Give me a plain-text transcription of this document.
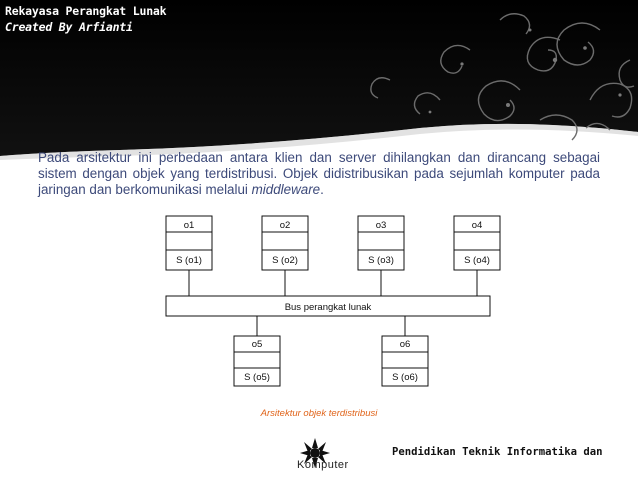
Rekayasa Perangkat Lunak
Created By Arfianti

Pada arsitektur ini perbedaan antara klien dan server dihilangkan dan dirancang sebagai sistem dengan objek yang terdistribusi. Objek didistribusikan pada sejumlah komputer pada jaringan dan berkomunikasi melalui middleware.

Bus perangkat lunak
o1
S (o1)
o2
S (o2)
o3
S (o3)
o4
S (o4)
o5
S (o5)
o6
S (o6)
Arsitektur objek terdistribusi
Komputer
Pendidikan Teknik Informatika dan
